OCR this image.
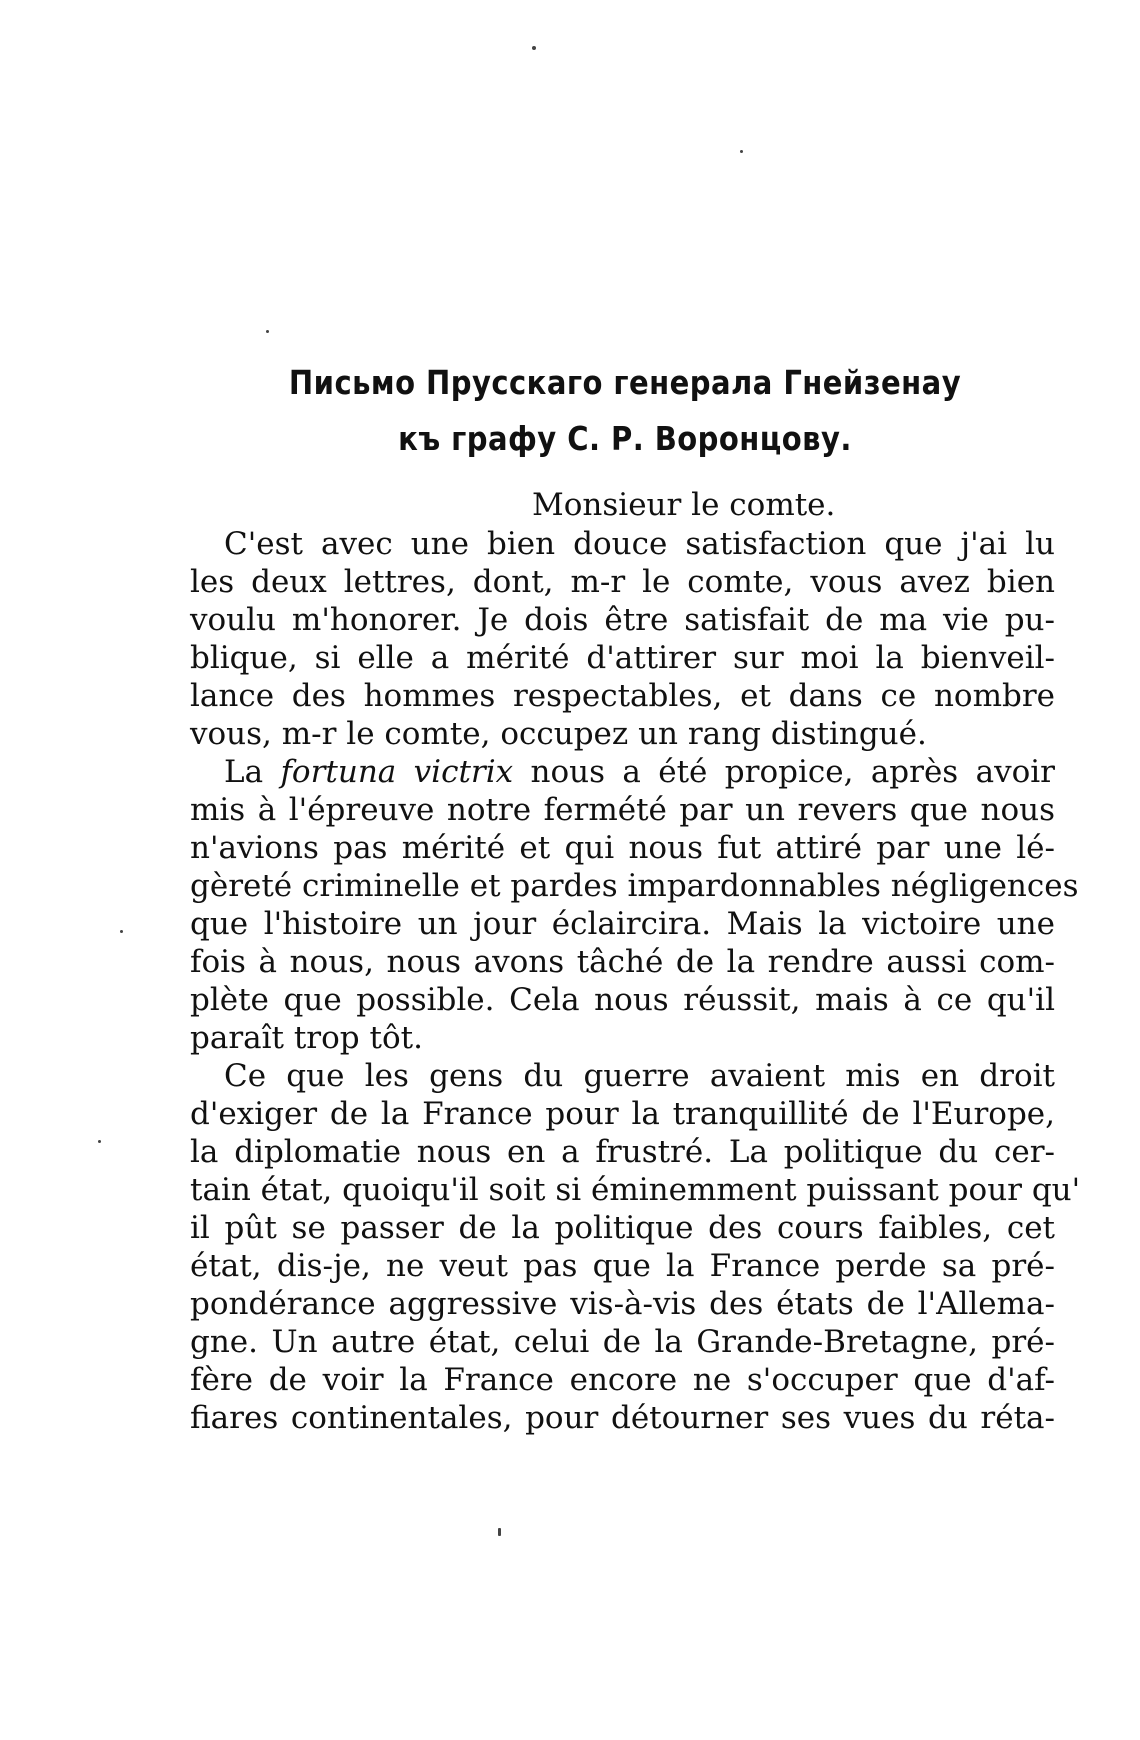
Письмо Прусскаго генерала Гнейзенау
къ графу С. Р. Воронцову.
Monsieur le comte.
C'est avec une bien douce satisfaction que j'ai lu
les deux lettres, dont, m-r le comte, vous avez bien
voulu m'honorer. Je dois être satisfait de ma vie pu-
blique, si elle a mérité d'attirer sur moi la bienveil-
lance des hommes respectables, et dans ce nombre
vous, m-r le comte, occupez un rang distingué.
La fortuna victrix nous a été propice, après avoir
mis à l'épreuve notre fermété par un revers que nous
n'avions pas mérité et qui nous fut attiré par une lé-
gèreté criminelle et pardes impardonnables négligences
que l'histoire un jour éclaircira. Mais la victoire une
fois à nous, nous avons tâché de la rendre aussi com-
plète que possible. Cela nous réussit, mais à ce qu'il
paraît trop tôt.
Ce que les gens du guerre avaient mis en droit
d'exiger de la France pour la tranquillité de l'Europe,
la diplomatie nous en a frustré. La politique du cer-
tain état, quoiqu'il soit si éminemment puissant pour qu'
il pût se passer de la politique des cours faibles, cet
état, dis-je, ne veut pas que la France perde sa pré-
pondérance aggressive vis-à-vis des états de l'Allema-
gne. Un autre état, celui de la Grande-Bretagne, pré-
fère de voir la France encore ne s'occuper que d'af-
fiares continentales, pour détourner ses vues du réta-
